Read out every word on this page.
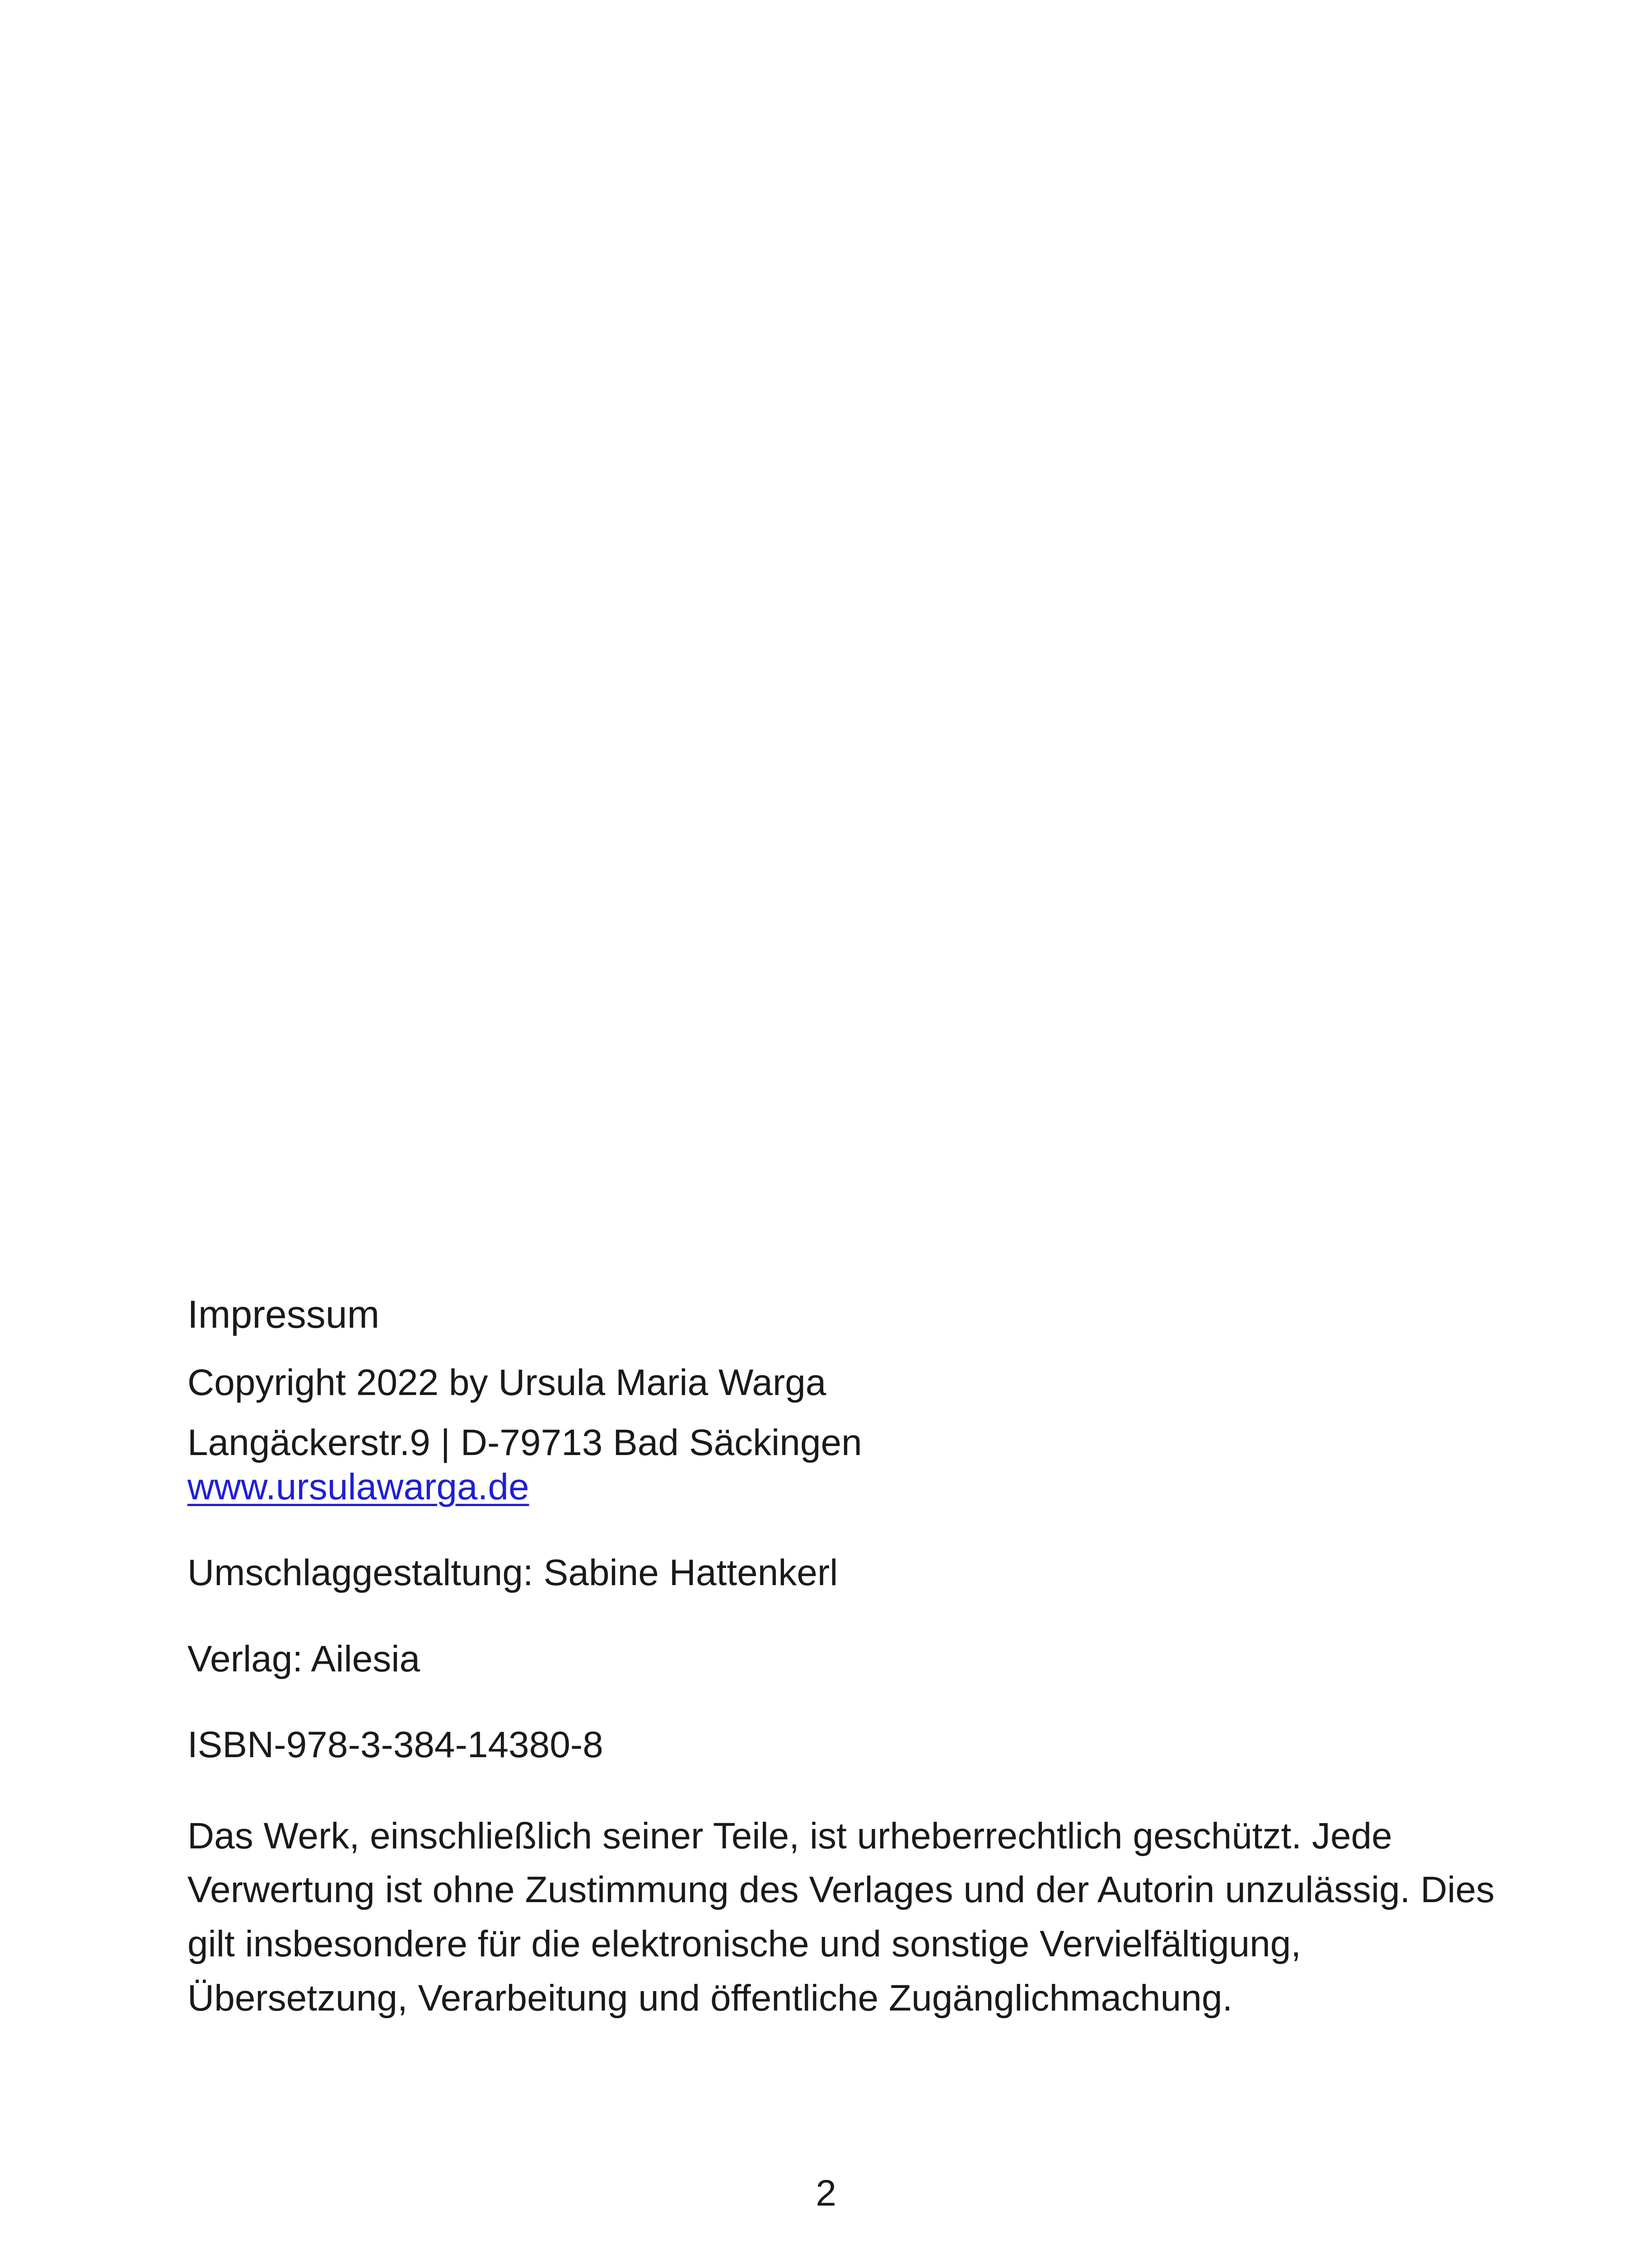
Impressum
Copyright 2022 by Ursula Maria Warga
Langäckerstr.9 | D-79713 Bad Säckingen
www.ursulawarga.de
Umschlaggestaltung: Sabine Hattenkerl
Verlag: Ailesia
ISBN-978-3-384-14380-8
Das Werk, einschließlich seiner Teile, ist urheberrechtlich geschützt. Jede Verwertung ist ohne Zustimmung des Verlages und der Autorin unzulässig. Dies gilt insbesondere für die elektronische und sonstige Vervielfältigung, Übersetzung, Verarbeitung und öffentliche Zugänglichmachung.
2
